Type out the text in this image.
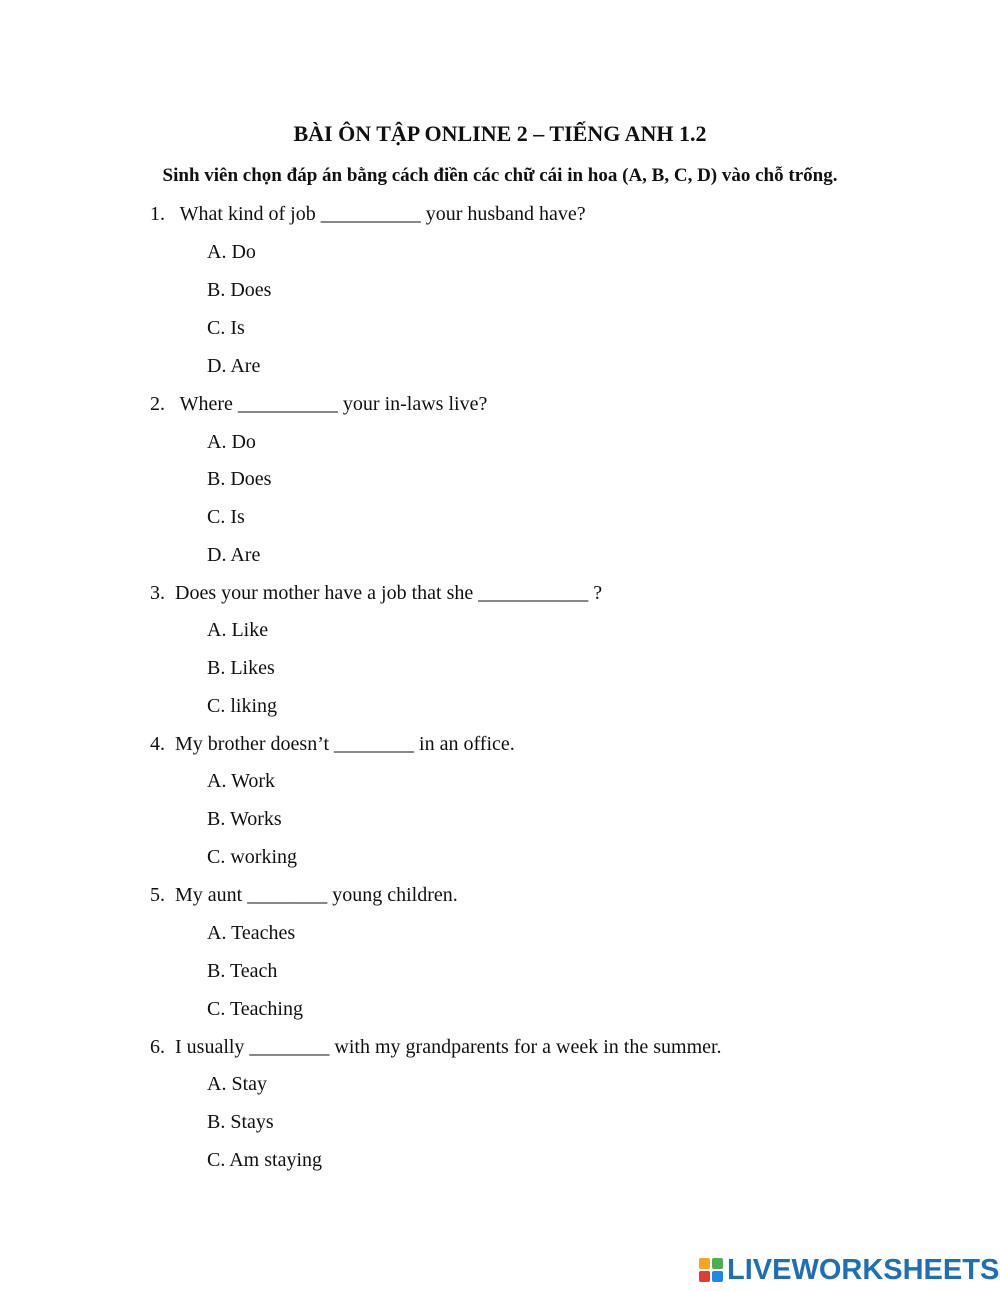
BÀI ÔN TẬP ONLINE 2 – TIẾNG ANH 1.2
Sinh viên chọn đáp án bằng cách điền các chữ cái in hoa (A, B, C, D) vào chỗ trống.
1.   What kind of job __________ your husband have?
A. Do
B. Does
C. Is
D. Are
2.   Where __________ your in-laws live?
A. Do
B. Does
C. Is
D. Are
3.  Does your mother have a job that she ___________ ?
A. Like
B. Likes
C. liking
4.  My brother doesn’t ________ in an office.
A. Work
B. Works
C. working
5.  My aunt ________ young children.
A. Teaches
B. Teach
C. Teaching
6.  I usually ________ with my grandparents for a week in the summer.
A. Stay
B. Stays
C. Am staying
LIVEWORKSHEETS
